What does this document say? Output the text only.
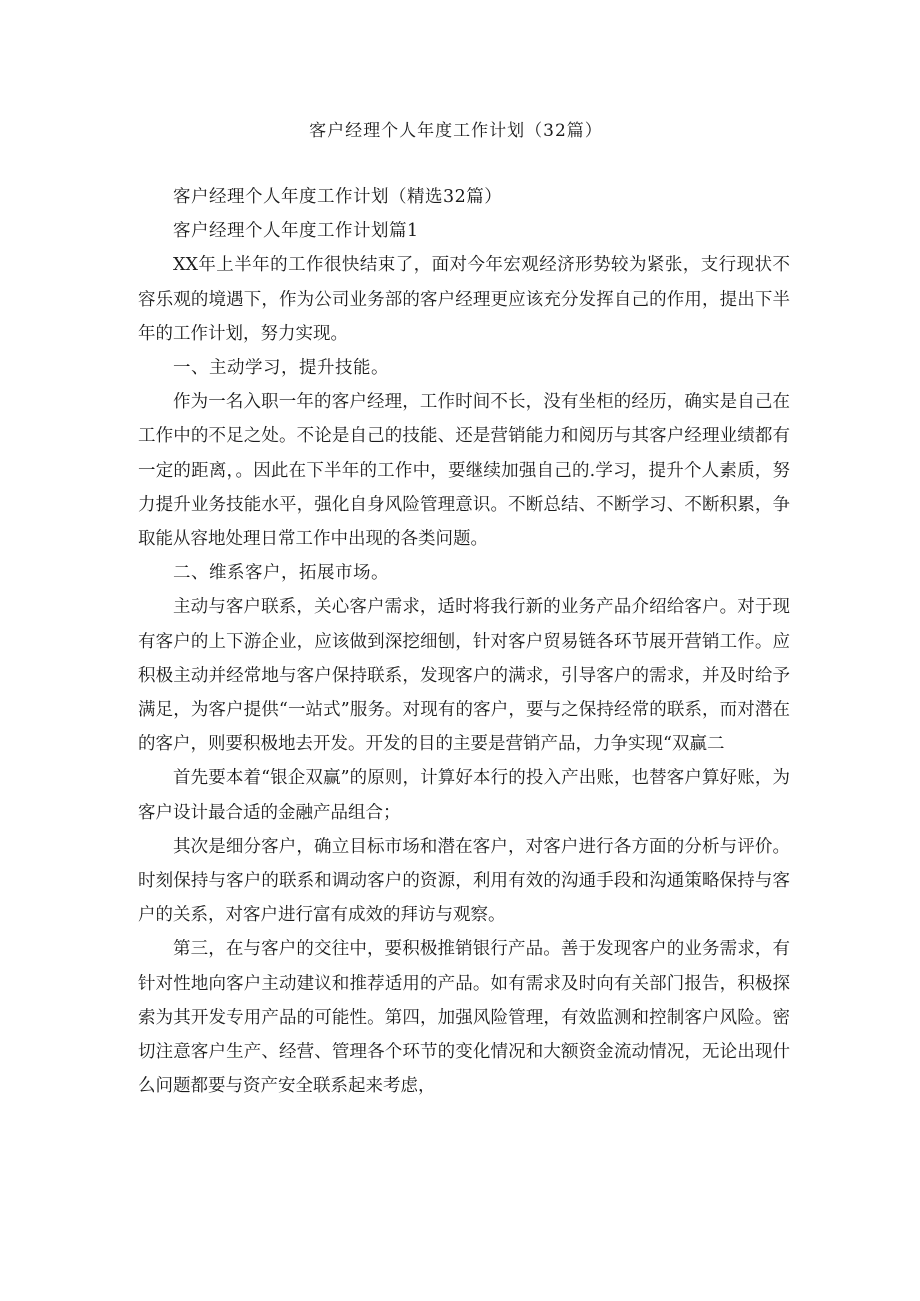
客户经理个人年度工作计划（32篇）

客户经理个人年度工作计划（精选32篇）

客户经理个人年度工作计划篇1

XX年上半年的工作很快结束了，面对今年宏观经济形势较为紧张，支行现状不容乐观的境遇下，作为公司业务部的客户经理更应该充分发挥自己的作用，提出下半年的工作计划，努力实现。

一、主动学习，提升技能。

作为一名入职一年的客户经理，工作时间不长，没有坐柜的经历，确实是自己在工作中的不足之处。不论是自己的技能、还是营销能力和阅历与其客户经理业绩都有一定的距离，。因此在下半年的工作中，要继续加强自己的.学习，提升个人素质，努力提升业务技能水平，强化自身风险管理意识。不断总结、不断学习、不断积累，争取能从容地处理日常工作中出现的各类问题。

二、维系客户，拓展市场。

主动与客户联系，关心客户需求，适时将我行新的业务产品介绍给客户。对于现有客户的上下游企业，应该做到深挖细刨，针对客户贸易链各环节展开营销工作。应积极主动并经常地与客户保持联系，发现客户的满求，引导客户的需求，并及时给予满足，为客户提供“一站式”服务。对现有的客户，要与之保持经常的联系，而对潜在的客户，则要积极地去开发。开发的目的主要是营销产品，力争实现“双赢二

首先要本着“银企双赢”的原则，计算好本行的投入产出账，也替客户算好账，为客户设计最合适的金融产品组合；

其次是细分客户，确立目标市场和潜在客户，对客户进行各方面的分析与评价。时刻保持与客户的联系和调动客户的资源，利用有效的沟通手段和沟通策略保持与客户的关系，对客户进行富有成效的拜访与观察。

第三，在与客户的交往中，要积极推销银行产品。善于发现客户的业务需求，有针对性地向客户主动建议和推荐适用的产品。如有需求及时向有关部门报告，积极探索为其开发专用产品的可能性。第四，加强风险管理，有效监测和控制客户风险。密切注意客户生产、经营、管理各个环节的变化情况和大额资金流动情况，无论出现什么问题都要与资产安全联系起来考虑，
